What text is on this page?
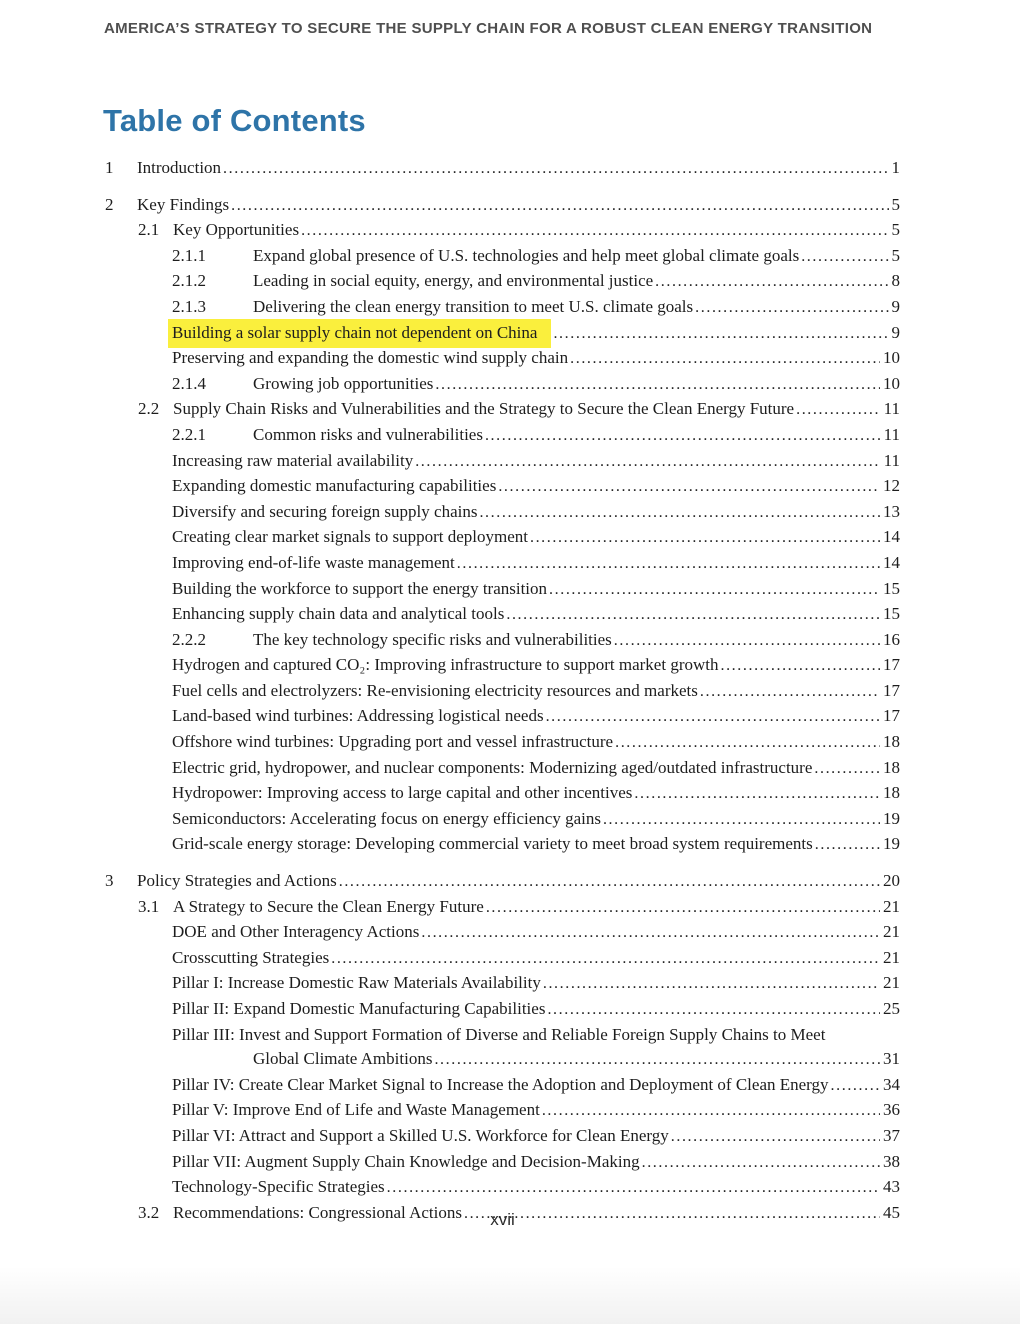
AMERICA’S STRATEGY TO SECURE THE SUPPLY CHAIN FOR A ROBUST CLEAN ENERGY TRANSITION
Table of Contents
1	Introduction .....	1
2	Key Findings .....	5
2.1 Key Opportunities .....	5
2.1.1	Expand global presence of U.S. technologies and help meet global climate goals .....	5
2.1.2	Leading in social equity, energy, and environmental justice .....	8
2.1.3	Delivering the clean energy transition to meet U.S. climate goals .....	9
Building a solar supply chain not dependent on China .....	9
Preserving and expanding the domestic wind supply chain .....	10
2.1.4	Growing job opportunities .....	10
2.2 Supply Chain Risks and Vulnerabilities and the Strategy to Secure the Clean Energy Future .....	11
2.2.1	Common risks and vulnerabilities .....	11
Increasing raw material availability .....	11
Expanding domestic manufacturing capabilities .....	12
Diversify and securing foreign supply chains .....	13
Creating clear market signals to support deployment .....	14
Improving end-of-life waste management .....	14
Building the workforce to support the energy transition .....	15
Enhancing supply chain data and analytical tools .....	15
2.2.2	The key technology specific risks and vulnerabilities .....	16
Hydrogen and captured CO₂: Improving infrastructure to support market growth .....	17
Fuel cells and electrolyzers: Re-envisioning electricity resources and markets .....	17
Land-based wind turbines: Addressing logistical needs .....	17
Offshore wind turbines: Upgrading port and vessel infrastructure .....	18
Electric grid, hydropower, and nuclear components: Modernizing aged/outdated infrastructure .....	18
Hydropower: Improving access to large capital and other incentives .....	18
Semiconductors: Accelerating focus on energy efficiency gains .....	19
Grid-scale energy storage: Developing commercial variety to meet broad system requirements .....	19
3	Policy Strategies and Actions .....	20
3.1 A Strategy to Secure the Clean Energy Future .....	21
DOE and Other Interagency Actions .....	21
Crosscutting Strategies .....	21
Pillar I: Increase Domestic Raw Materials Availability .....	21
Pillar II: Expand Domestic Manufacturing Capabilities .....	25
Pillar III: Invest and Support Formation of Diverse and Reliable Foreign Supply Chains to Meet
Global Climate Ambitions .....	31
Pillar IV: Create Clear Market Signal to Increase the Adoption and Deployment of Clean Energy .....	34
Pillar V: Improve End of Life and Waste Management .....	36
Pillar VI: Attract and Support a Skilled U.S. Workforce for Clean Energy .....	37
Pillar VII: Augment Supply Chain Knowledge and Decision-Making .....	38
Technology-Specific Strategies .....	43
3.2 Recommendations: Congressional Actions .....	45
xvii
